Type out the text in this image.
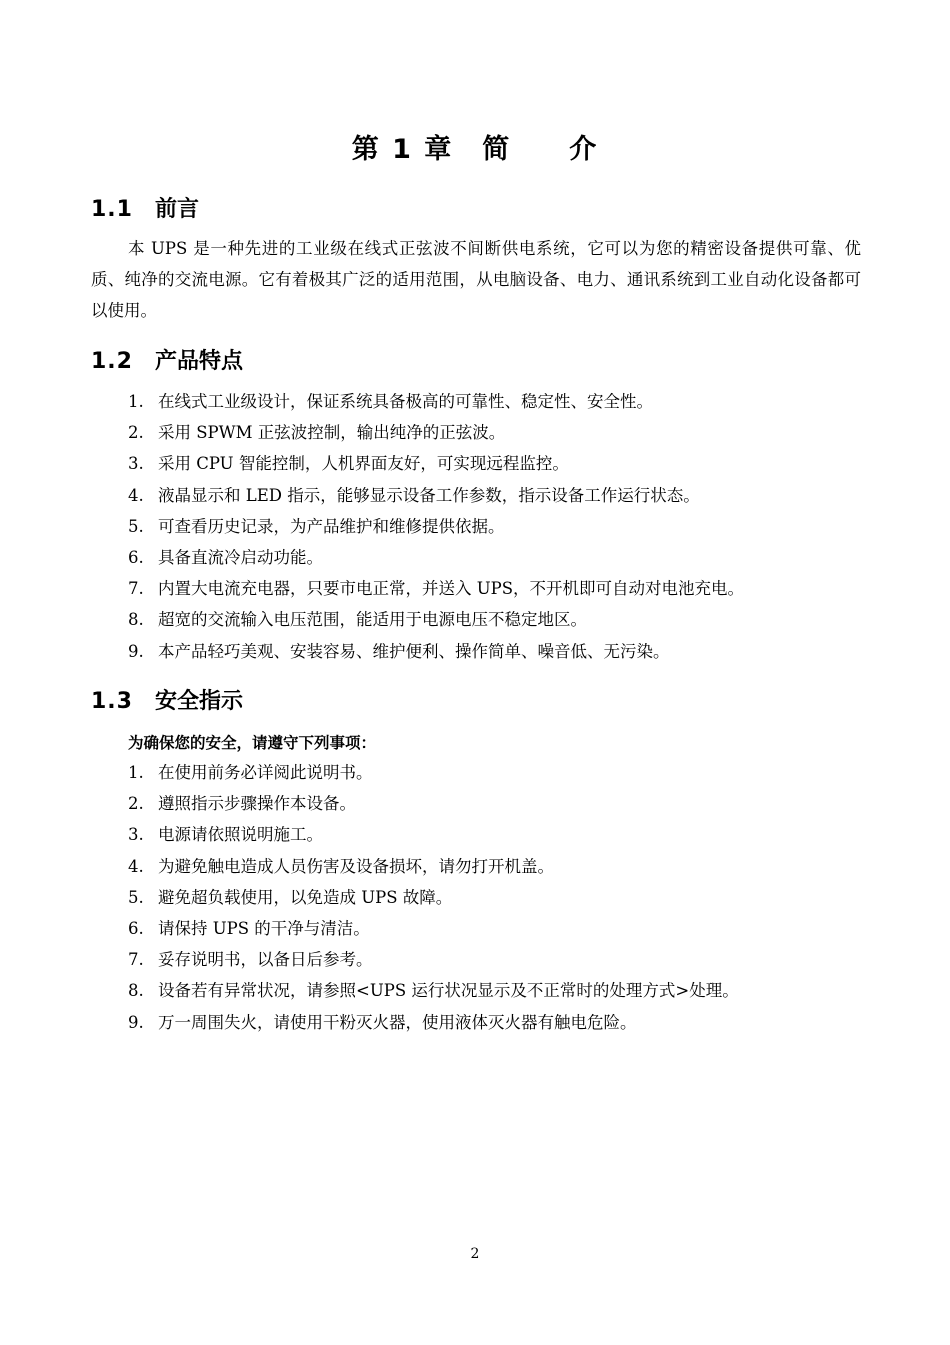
第 1 章　简　　介
1.1 前言
本 UPS 是一种先进的工业级在线式正弦波不间断供电系统，它可以为您的精密设备提供可靠、优质、纯净的交流电源。它有着极其广泛的适用范围，从电脑设备、电力、通讯系统到工业自动化设备都可以使用。
1.2 产品特点
1. 在线式工业级设计，保证系统具备极高的可靠性、稳定性、安全性。
2. 采用 SPWM 正弦波控制，输出纯净的正弦波。
3. 采用 CPU 智能控制，人机界面友好，可实现远程监控。
4. 液晶显示和 LED 指示，能够显示设备工作参数，指示设备工作运行状态。
5. 可查看历史记录，为产品维护和维修提供依据。
6. 具备直流冷启动功能。
7. 内置大电流充电器，只要市电正常，并送入 UPS，不开机即可自动对电池充电。
8. 超宽的交流输入电压范围，能适用于电源电压不稳定地区。
9. 本产品轻巧美观、安装容易、维护便利、操作简单、噪音低、无污染。
1.3 安全指示
为确保您的安全，请遵守下列事项：
1. 在使用前务必详阅此说明书。
2. 遵照指示步骤操作本设备。
3. 电源请依照说明施工。
4. 为避免触电造成人员伤害及设备损坏，请勿打开机盖。
5. 避免超负载使用，以免造成 UPS 故障。
6. 请保持 UPS 的干净与清洁。
7. 妥存说明书，以备日后参考。
8. 设备若有异常状况，请参照<UPS 运行状况显示及不正常时的处理方式>处理。
9. 万一周围失火，请使用干粉灭火器，使用液体灭火器有触电危险。
2
